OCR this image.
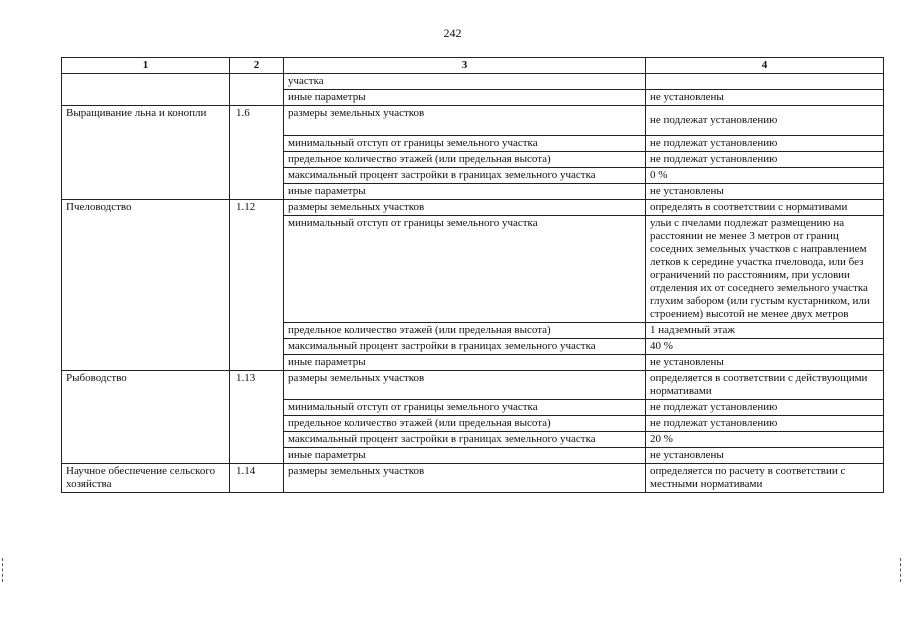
242
1	2	3	4
		участка	
		иные параметры	не установлены
Выращивание льна и конопли	1.6	размеры земельных участков	не подлежат установлению
		минимальный отступ от границы земельного участка	не подлежат установлению
		предельное количество этажей (или предельная высота)	не подлежат установлению
		максимальный процент застройки в границах земельного участка	0 %
		иные параметры	не установлены
Пчеловодство	1.12	размеры земельных участков	определять в соответствии с нормативами
		минимальный отступ от границы земельного участка	ульи с пчелами подлежат размещению на расстоянии не менее 3 метров от границ соседних земельных участков с направлением летков к середине участка пчеловода, или без ограничений по расстояниям, при условии отделения их от соседнего земельного участка глухим забором (или густым кустарником, или строением) высотой не менее двух метров
		предельное количество этажей (или предельная высота)	1 надземный этаж
		максимальный процент застройки в границах земельного участка	40 %
		иные параметры	не установлены
Рыбоводство	1.13	размеры земельных участков	определяется в соответствии с действующими нормативами
		минимальный отступ от границы земельного участка	не подлежат установлению
		предельное количество этажей (или предельная высота)	не подлежат установлению
		максимальный процент застройки в границах земельного участка	20 %
		иные параметры	не установлены
Научное обеспечение сельского хозяйства	1.14	размеры земельных участков	определяется по расчету в соответствии с местными нормативами
